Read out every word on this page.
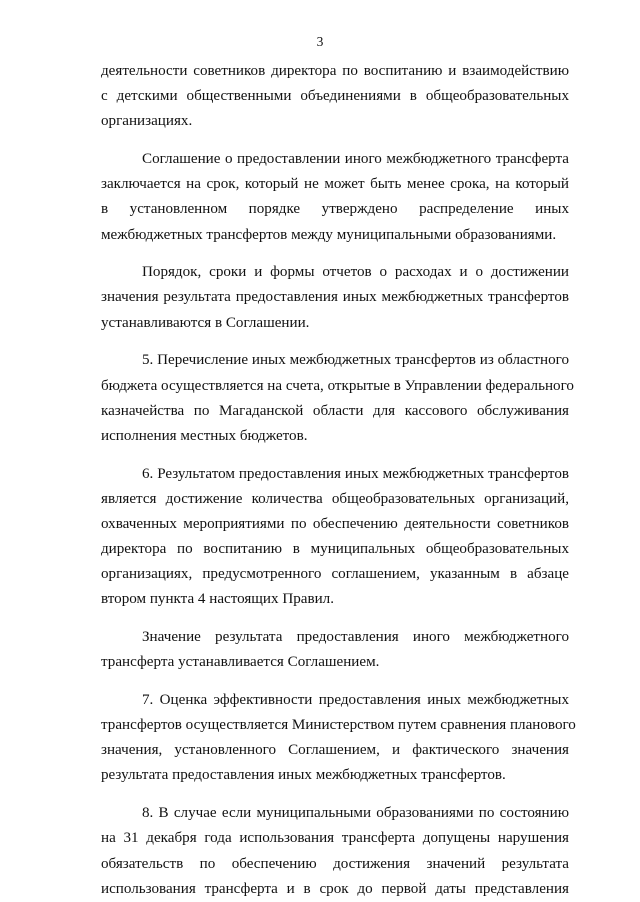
3

деятельности советников директора по воспитанию и взаимодействию
с детскими общественными объединениями в общеобразовательных
организациях.

Соглашение о предоставлении иного межбюджетного трансферта
заключается на срок, который не может быть менее срока, на который
в установленном порядке утверждено распределение иных
межбюджетных трансфертов между муниципальными образованиями.

Порядок, сроки и формы отчетов о расходах и о достижении
значения результата предоставления иных межбюджетных трансфертов
устанавливаются в Соглашении.

5. Перечисление иных межбюджетных трансфертов из областного
бюджета осуществляется на счета, открытые в Управлении федерального
казначейства по Магаданской области для кассового обслуживания
исполнения местных бюджетов.

6. Результатом предоставления иных межбюджетных трансфертов
является достижение количества общеобразовательных организаций,
охваченных мероприятиями по обеспечению деятельности советников
директора по воспитанию в муниципальных общеобразовательных
организациях, предусмотренного соглашением, указанным в абзаце
втором пункта 4 настоящих Правил.

Значение результата предоставления иного межбюджетного
трансферта устанавливается Соглашением.

7. Оценка эффективности предоставления иных межбюджетных
трансфертов осуществляется Министерством путем сравнения планового
значения, установленного Соглашением, и фактического значения
результата предоставления иных межбюджетных трансфертов.

8. В случае если муниципальными образованиями по состоянию
на 31 декабря года использования трансферта допущены нарушения
обязательств по обеспечению достижения значений результата
использования трансферта и в срок до первой даты представления
